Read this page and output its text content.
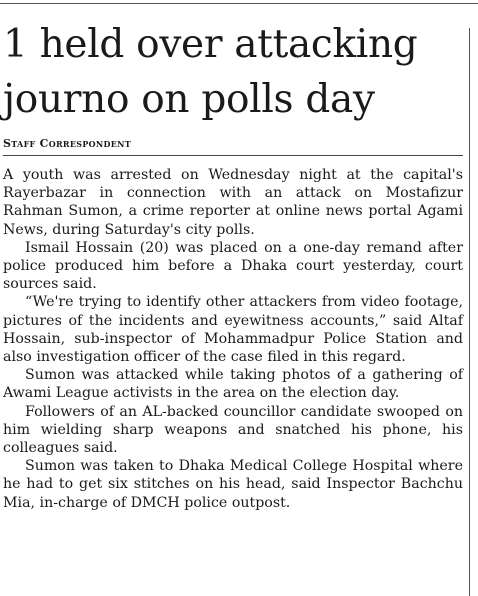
1 held over attacking
journo on polls day
Staff Correspondent

A youth was arrested on Wednesday night at the capital's Rayerbazar in connection with an attack on Mostafizur Rahman Sumon, a crime reporter at online news portal Agami News, during Saturday's city polls.

Ismail Hossain (20) was placed on a one-day remand after police produced him before a Dhaka court yesterday, court sources said.

“We're trying to identify other attackers from video footage, pictures of the incidents and eyewitness accounts,” said Altaf Hossain, sub-inspector of Mohammadpur Police Station and also investigation officer of the case filed in this regard.

Sumon was attacked while taking photos of a gathering of Awami League activists in the area on the election day.

Followers of an AL-backed councillor candidate swooped on him wielding sharp weapons and snatched his phone, his colleagues said.

Sumon was taken to Dhaka Medical College Hospital where he had to get six stitches on his head, said Inspector Bachchu Mia, in-charge of DMCH police outpost.
